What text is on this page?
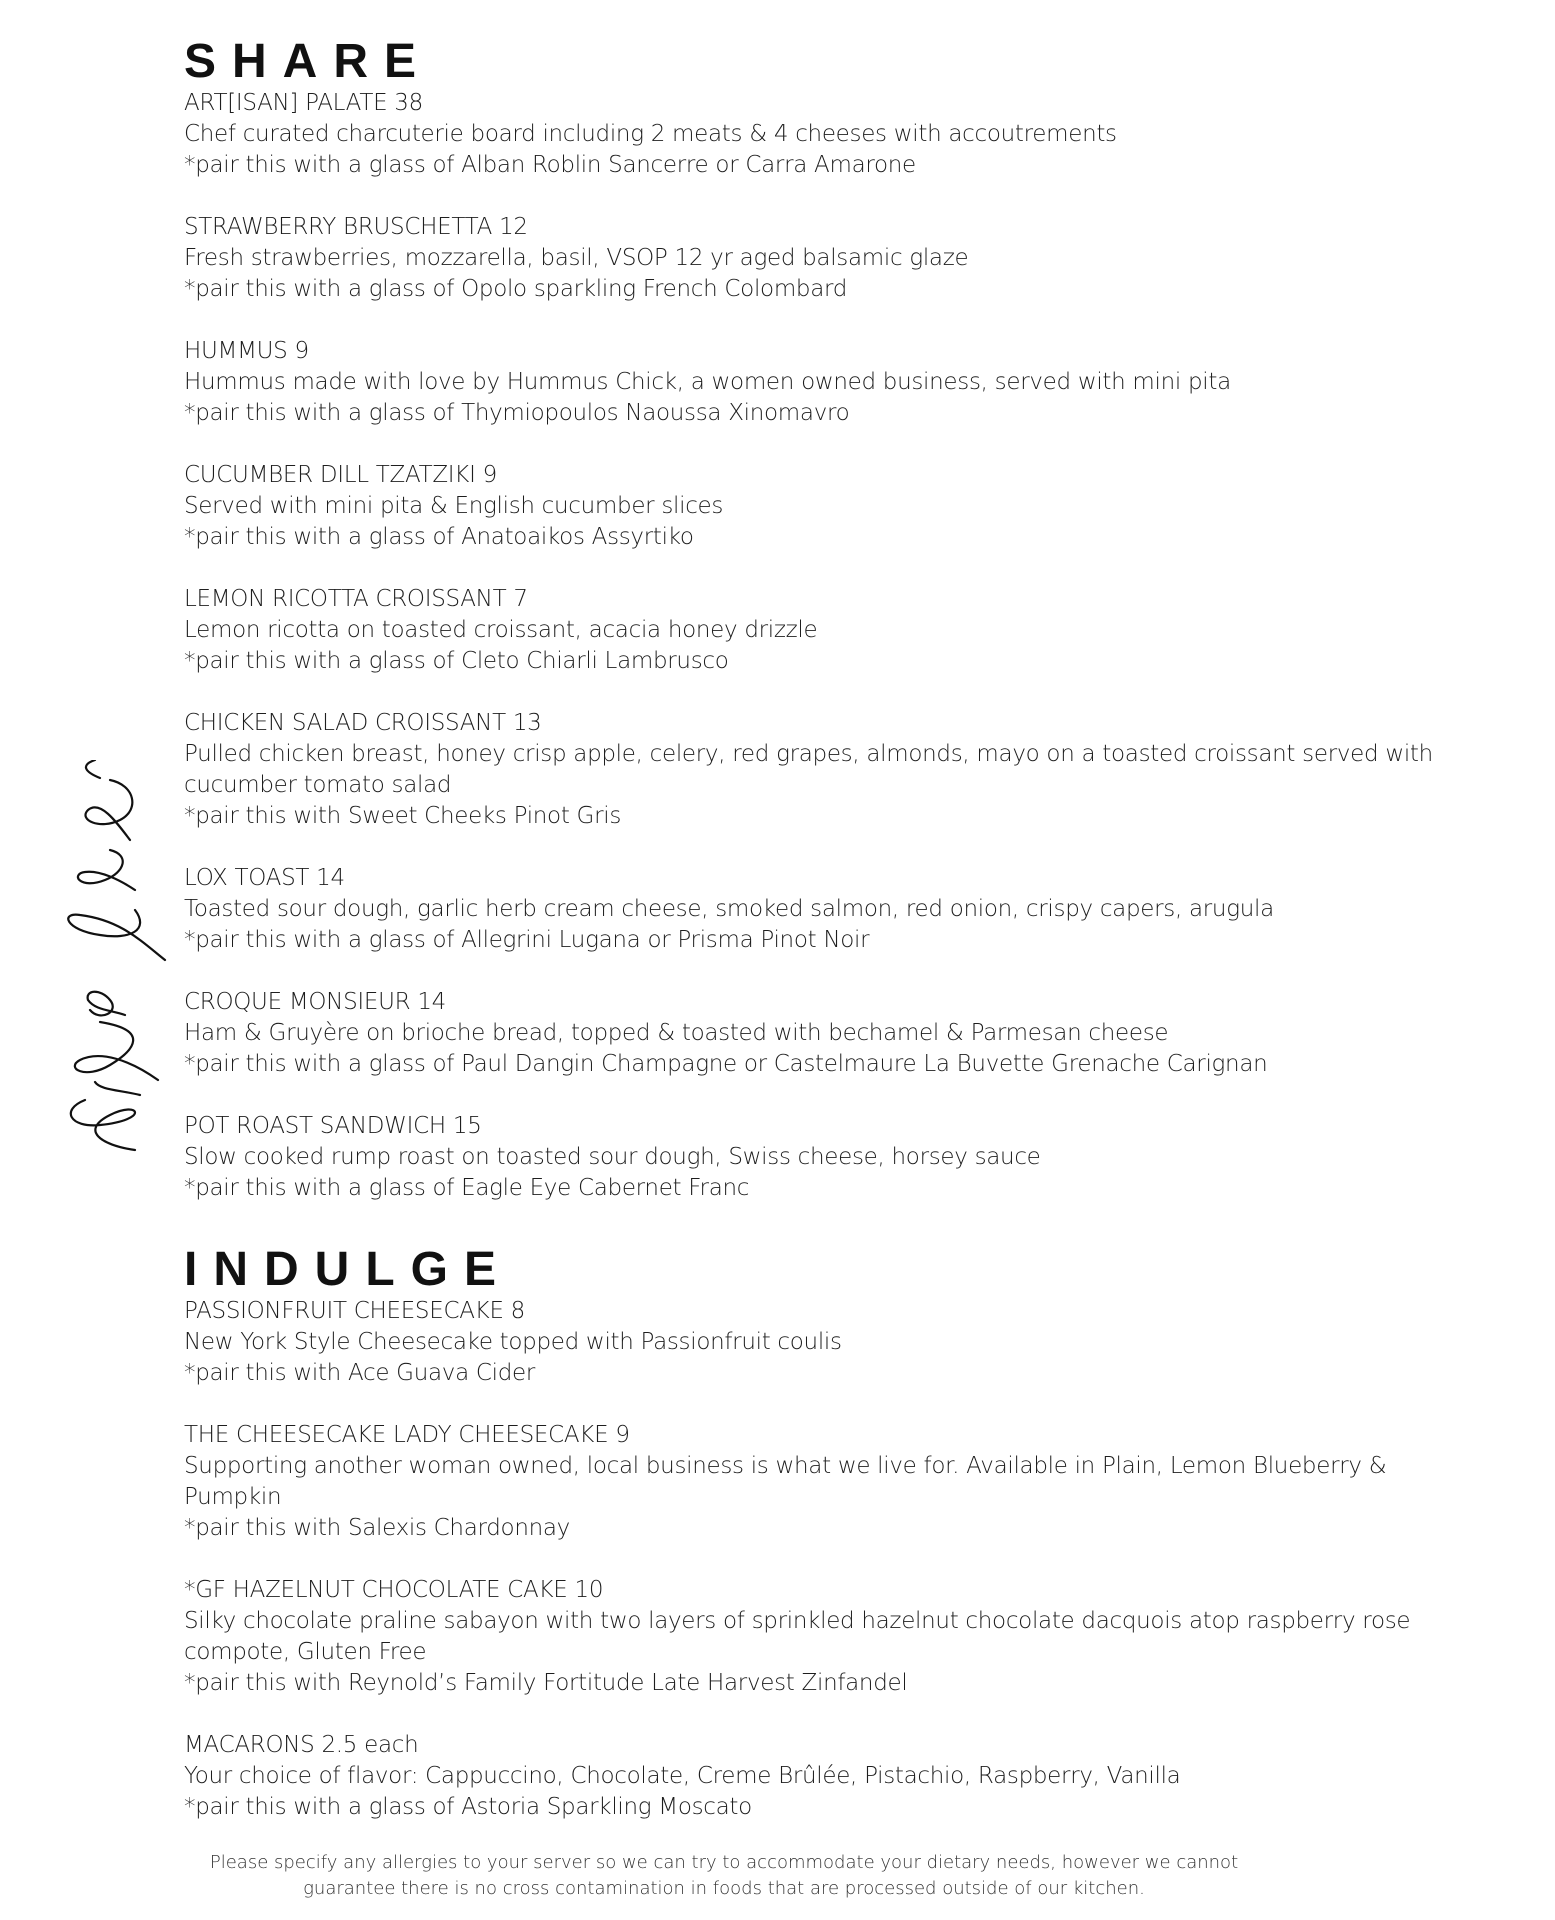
SHARE
ART[ISAN] PALATE 38
Chef curated charcuterie board including 2 meats & 4 cheeses with accoutrements
*pair this with a glass of Alban Roblin Sancerre or Carra Amarone
STRAWBERRY BRUSCHETTA 12
Fresh strawberries, mozzarella, basil, VSOP 12 yr aged balsamic glaze
*pair this with a glass of Opolo sparkling French Colombard
HUMMUS 9
Hummus made with love by Hummus Chick, a women owned business, served with mini pita
*pair this with a glass of Thymiopoulos Naoussa Xinomavro
CUCUMBER DILL TZATZIKI 9
Served with mini pita & English cucumber slices
*pair this with a glass of Anatoaikos Assyrtiko
LEMON RICOTTA CROISSANT 7
Lemon ricotta on toasted croissant, acacia honey drizzle
*pair this with a glass of Cleto Chiarli Lambrusco
CHICKEN SALAD CROISSANT 13
Pulled chicken breast, honey crisp apple, celery, red grapes, almonds, mayo on a toasted croissant served with cucumber tomato salad
*pair this with Sweet Cheeks Pinot Gris
LOX TOAST 14
Toasted sour dough, garlic herb cream cheese, smoked salmon, red onion, crispy capers, arugula
*pair this with a glass of Allegrini Lugana or Prisma Pinot Noir
CROQUE MONSIEUR 14
Ham & Gruyère on brioche bread, topped & toasted with bechamel & Parmesan cheese
*pair this with a glass of Paul Dangin Champagne or Castelmaure La Buvette Grenache Carignan
POT ROAST SANDWICH 15
Slow cooked rump roast on toasted sour dough, Swiss cheese, horsey sauce
*pair this with a glass of Eagle Eye Cabernet Franc
INDULGE
PASSIONFRUIT CHEESECAKE 8
New York Style Cheesecake topped with Passionfruit coulis
*pair this with Ace Guava Cider
THE CHEESECAKE LADY CHEESECAKE 9
Supporting another woman owned, local business is what we live for. Available in Plain, Lemon Blueberry & Pumpkin
*pair this with Salexis Chardonnay
*GF HAZELNUT CHOCOLATE CAKE 10
Silky chocolate praline sabayon with two layers of sprinkled hazelnut chocolate dacquois atop raspberry rose compote, Gluten Free
*pair this with Reynold’s Family Fortitude Late Harvest Zinfandel
MACARONS 2.5 each
Your choice of flavor: Cappuccino, Chocolate, Creme Brûlée, Pistachio, Raspberry, Vanilla
*pair this with a glass of Astoria Sparkling Moscato
Please specify any allergies to your server so we can try to accommodate your dietary needs, however we cannot
guarantee there is no cross contamination in foods that are processed outside of our kitchen.
